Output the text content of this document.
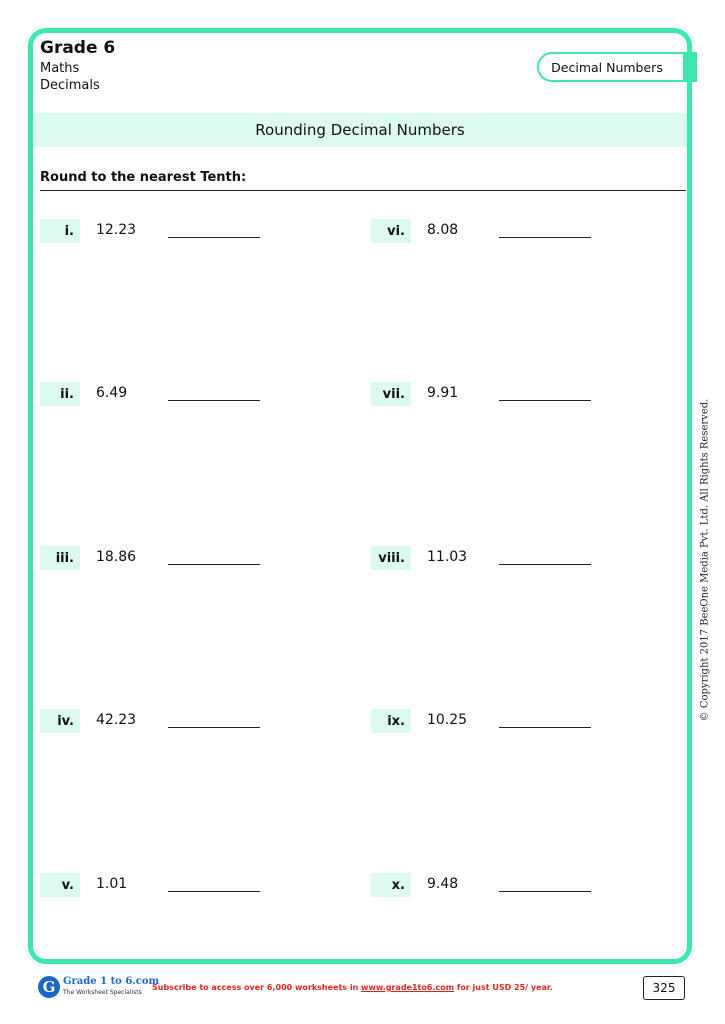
Grade 6
Maths
Decimals
Decimal Numbers
Rounding Decimal Numbers
Round to the nearest Tenth:
i.	12.23
ii.	6.49
iii.	18.86
iv.	42.23
v.	1.01
vi.	8.08
vii.	9.91
viii.	11.03
ix.	10.25
x.	9.48
© Copyright 2017 BeeOne Media Pvt. Ltd. All Rights Reserved.
G Grade 1 to 6.com
The Worksheet Specialists
Subscribe to access over 6,000 worksheets in www.grade1to6.com for just USD 25/ year.	325
